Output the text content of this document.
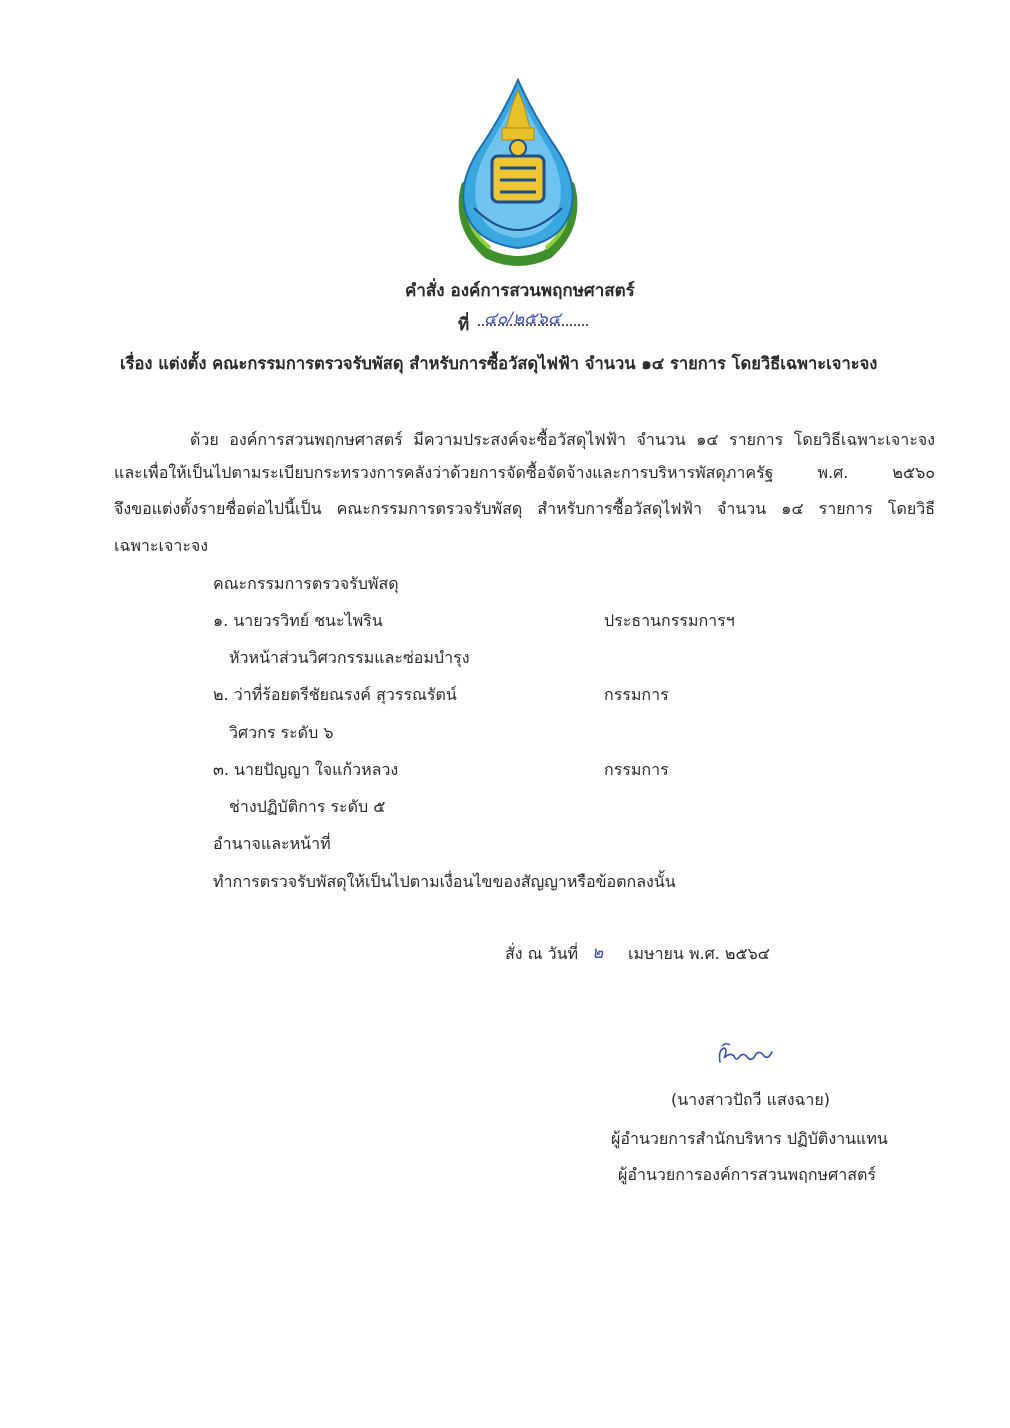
คำสั่ง องค์การสวนพฤกษศาสตร์
ที่ ๔๐/๒๕๖๔
เรื่อง แต่งตั้ง คณะกรรมการตรวจรับพัสดุ สำหรับการซื้อวัสดุไฟฟ้า จำนวน ๑๔ รายการ โดยวิธีเฉพาะเจาะจง
ด้วย องค์การสวนพฤกษศาสตร์ มีความประสงค์จะซื้อวัสดุไฟฟ้า จำนวน ๑๔ รายการ โดยวิธีเฉพาะเจาะจง
และเพื่อให้เป็นไปตามระเบียบกระทรวงการคลังว่าด้วยการจัดซื้อจัดจ้างและการบริหารพัสดุภาครัฐ พ.ศ. ๒๕๖๐
จึงขอแต่งตั้งรายชื่อต่อไปนี้เป็น คณะกรรมการตรวจรับพัสดุ สำหรับการซื้อวัสดุไฟฟ้า จำนวน ๑๔ รายการ โดยวิธี
เฉพาะเจาะจง
คณะกรรมการตรวจรับพัสดุ
๑. นายวรวิทย์ ชนะไพริน	ประธานกรรมการฯ
หัวหน้าส่วนวิศวกรรมและซ่อมบำรุง
๒. ว่าที่ร้อยตรีชัยณรงค์ สุวรรณรัตน์	กรรมการ
วิศวกร ระดับ ๖
๓. นายปัญญา ใจแก้วหลวง	กรรมการ
ช่างปฏิบัติการ ระดับ ๕
อำนาจและหน้าที่
ทำการตรวจรับพัสดุให้เป็นไปตามเงื่อนไขของสัญญาหรือข้อตกลงนั้น
สั่ง ณ วันที่ ๒ เมษายน พ.ศ. ๒๕๖๔
(นางสาวปัถวี แสงฉาย)
ผู้อำนวยการสำนักบริหาร ปฏิบัติงานแทน
ผู้อำนวยการองค์การสวนพฤกษศาสตร์
